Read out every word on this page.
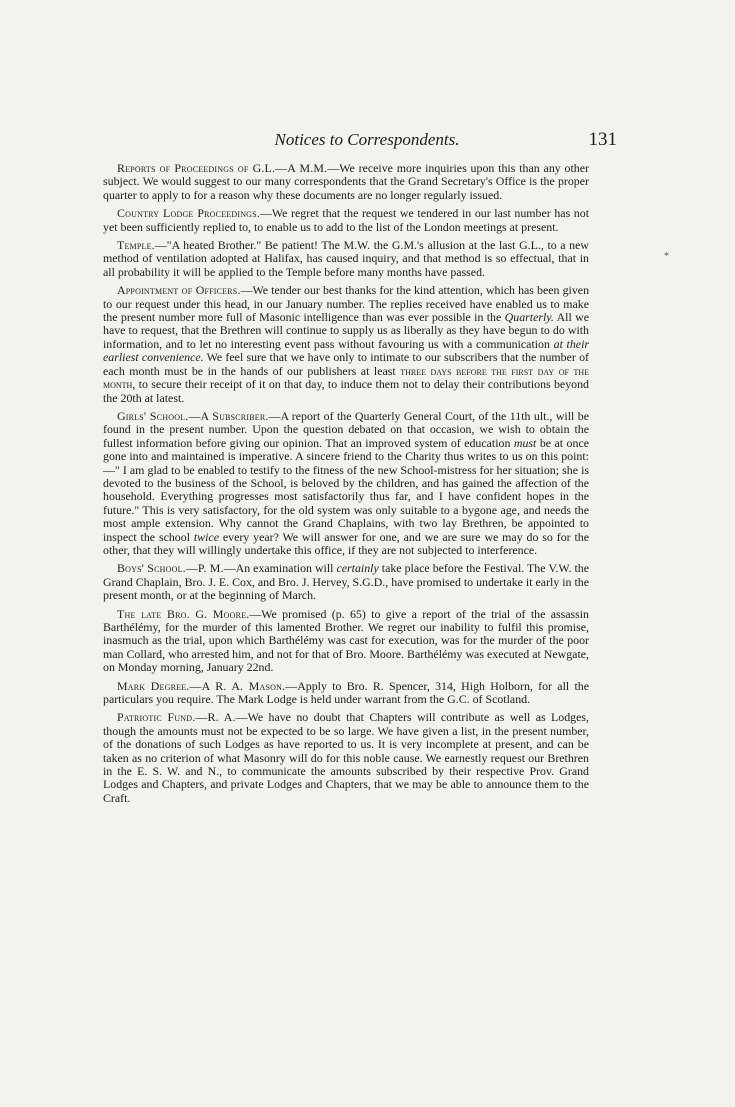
Notices to Correspondents.	131
*

Reports of Proceedings of G.L.—A M.M.—We receive more inquiries upon this than any other subject. We would suggest to our many correspondents that the Grand Secretary's Office is the proper quarter to apply to for a reason why these documents are no longer regularly issued.

Country Lodge Proceedings.—We regret that the request we tendered in our last number has not yet been sufficiently replied to, to enable us to add to the list of the London meetings at present.

Temple.—"A heated Brother." Be patient! The M.W. the G.M.'s allusion at the last G.L., to a new method of ventilation adopted at Halifax, has caused inquiry, and that method is so effectual, that in all probability it will be applied to the Temple before many months have passed.

Appointment of Officers.—We tender our best thanks for the kind attention, which has been given to our request under this head, in our January number. The replies received have enabled us to make the present number more full of Masonic intelligence than was ever possible in the Quarterly. All we have to request, that the Brethren will continue to supply us as liberally as they have begun to do with information, and to let no interesting event pass without favouring us with a communication at their earliest convenience. We feel sure that we have only to intimate to our subscribers that the number of each month must be in the hands of our publishers at least three days before the first day of the month, to secure their receipt of it on that day, to induce them not to delay their contributions beyond the 20th at latest.

Girls' School.—A Subscriber.—A report of the Quarterly General Court, of the 11th ult., will be found in the present number. Upon the question debated on that occasion, we wish to obtain the fullest information before giving our opinion. That an improved system of education must be at once gone into and maintained is imperative. A sincere friend to the Charity thus writes to us on this point:—" I am glad to be enabled to testify to the fitness of the new School-mistress for her situation; she is devoted to the business of the School, is beloved by the children, and has gained the affection of the household. Everything progresses most satisfactorily thus far, and I have confident hopes in the future." This is very satisfactory, for the old system was only suitable to a bygone age, and needs the most ample extension. Why cannot the Grand Chaplains, with two lay Brethren, be appointed to inspect the school twice every year? We will answer for one, and we are sure we may do so for the other, that they will willingly undertake this office, if they are not subjected to interference.

Boys' School.—P. M.—An examination will certainly take place before the Festival. The V.W. the Grand Chaplain, Bro. J. E. Cox, and Bro. J. Hervey, S.G.D., have promised to undertake it early in the present month, or at the beginning of March.

The late Bro. G. Moore.—We promised (p. 65) to give a report of the trial of the assassin Barthélémy, for the murder of this lamented Brother. We regret our inability to fulfil this promise, inasmuch as the trial, upon which Barthélémy was cast for execution, was for the murder of the poor man Collard, who arrested him, and not for that of Bro. Moore. Barthélémy was executed at Newgate, on Monday morning, January 22nd.

Mark Degree.—A R. A. Mason.—Apply to Bro. R. Spencer, 314, High Holborn, for all the particulars you require. The Mark Lodge is held under warrant from the G.C. of Scotland.

Patriotic Fund.—R. A.—We have no doubt that Chapters will contribute as well as Lodges, though the amounts must not be expected to be so large. We have given a list, in the present number, of the donations of such Lodges as have reported to us. It is very incomplete at present, and can be taken as no criterion of what Masonry will do for this noble cause. We earnestly request our Brethren in the E. S. W. and N., to communicate the amounts subscribed by their respective Prov. Grand Lodges and Chapters, and private Lodges and Chapters, that we may be able to announce them to the Craft.
